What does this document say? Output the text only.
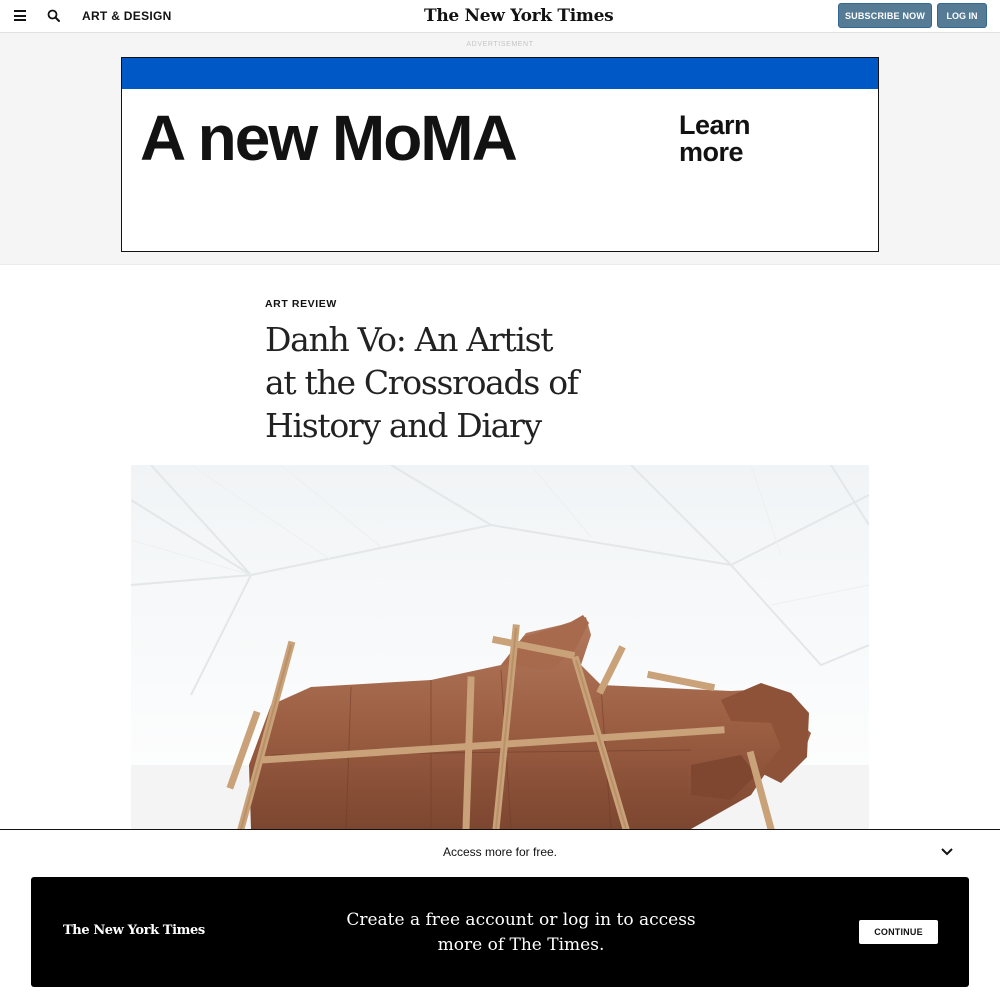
ART & DESIGN	The New York Times	SUBSCRIBE NOW	LOG IN
ADVERTISEMENT
A new MoMA	Learn
more
ART REVIEW
Danh Vo: An Artist at the Crossroads of History and Diary
Access more for free.
The New York Times
Create a free account or log in to access more of The Times.
CONTINUE
